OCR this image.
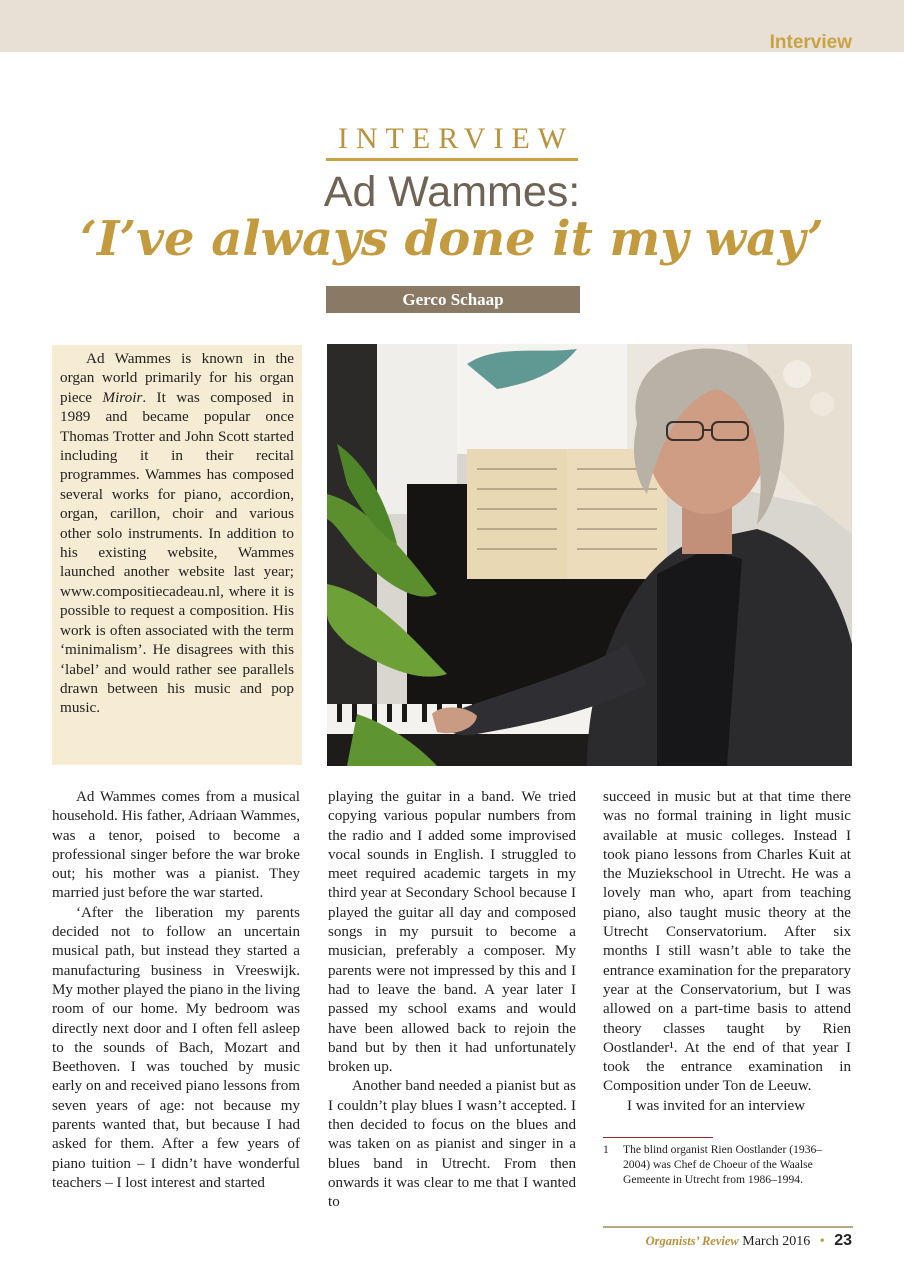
Interview
INTERVIEW
Ad Wammes:
‘I’ve always done it my way’
Gerco Schaap

Ad Wammes is known in the organ world primarily for his organ piece Miroir. It was composed in 1989 and became popular once Thomas Trotter and John Scott started including it in their recital programmes. Wammes has composed several works for piano, accordion, organ, carillon, choir and various other solo instruments. In addition to his existing website, Wammes launched another website last year; www.compositiecadeau.nl, where it is possible to request a composition. His work is often associated with the term ‘minimalism’. He disagrees with this ‘label’ and would rather see parallels drawn between his music and pop music.

Ad Wammes comes from a musical household. His father, Adriaan Wammes, was a tenor, poised to become a professional singer before the war broke out; his mother was a pianist. They married just before the war started.

‘After the liberation my parents decided not to follow an uncertain musical path, but instead they started a manufacturing business in Vreeswijk. My mother played the piano in the living room of our home. My bedroom was directly next door and I often fell asleep to the sounds of Bach, Mozart and Beethoven. I was touched by music early on and received piano lessons from seven years of age: not because my parents wanted that, but because I had asked for them. After a few years of piano tuition – I didn’t have wonderful teachers – I lost interest and started

playing the guitar in a band. We tried copying various popular numbers from the radio and I added some improvised vocal sounds in English. I struggled to meet required academic targets in my third year at Secondary School because I played the guitar all day and composed songs in my pursuit to become a musician, preferably a composer. My parents were not impressed by this and I had to leave the band. A year later I passed my school exams and would have been allowed back to rejoin the band but by then it had unfortunately broken up.

Another band needed a pianist but as I couldn’t play blues I wasn’t accepted. I then decided to focus on the blues and was taken on as pianist and singer in a blues band in Utrecht. From then onwards it was clear to me that I wanted to

succeed in music but at that time there was no formal training in light music available at music colleges. Instead I took piano lessons from Charles Kuit at the Muziekschool in Utrecht. He was a lovely man who, apart from teaching piano, also taught music theory at the Utrecht Conservatorium. After six months I still wasn’t able to take the entrance examination for the preparatory year at the Conservatorium, but I was allowed on a part-time basis to attend theory classes taught by Rien Oostlander¹. At the end of that year I took the entrance examination in Composition under Ton de Leeuw.

I was invited for an interview

1	The blind organist Rien Oostlander (1936–2004) was Chef de Choeur of the Waalse Gemeente in Utrecht from 1986–1994.
Organists’ Review March 2016 • 23
